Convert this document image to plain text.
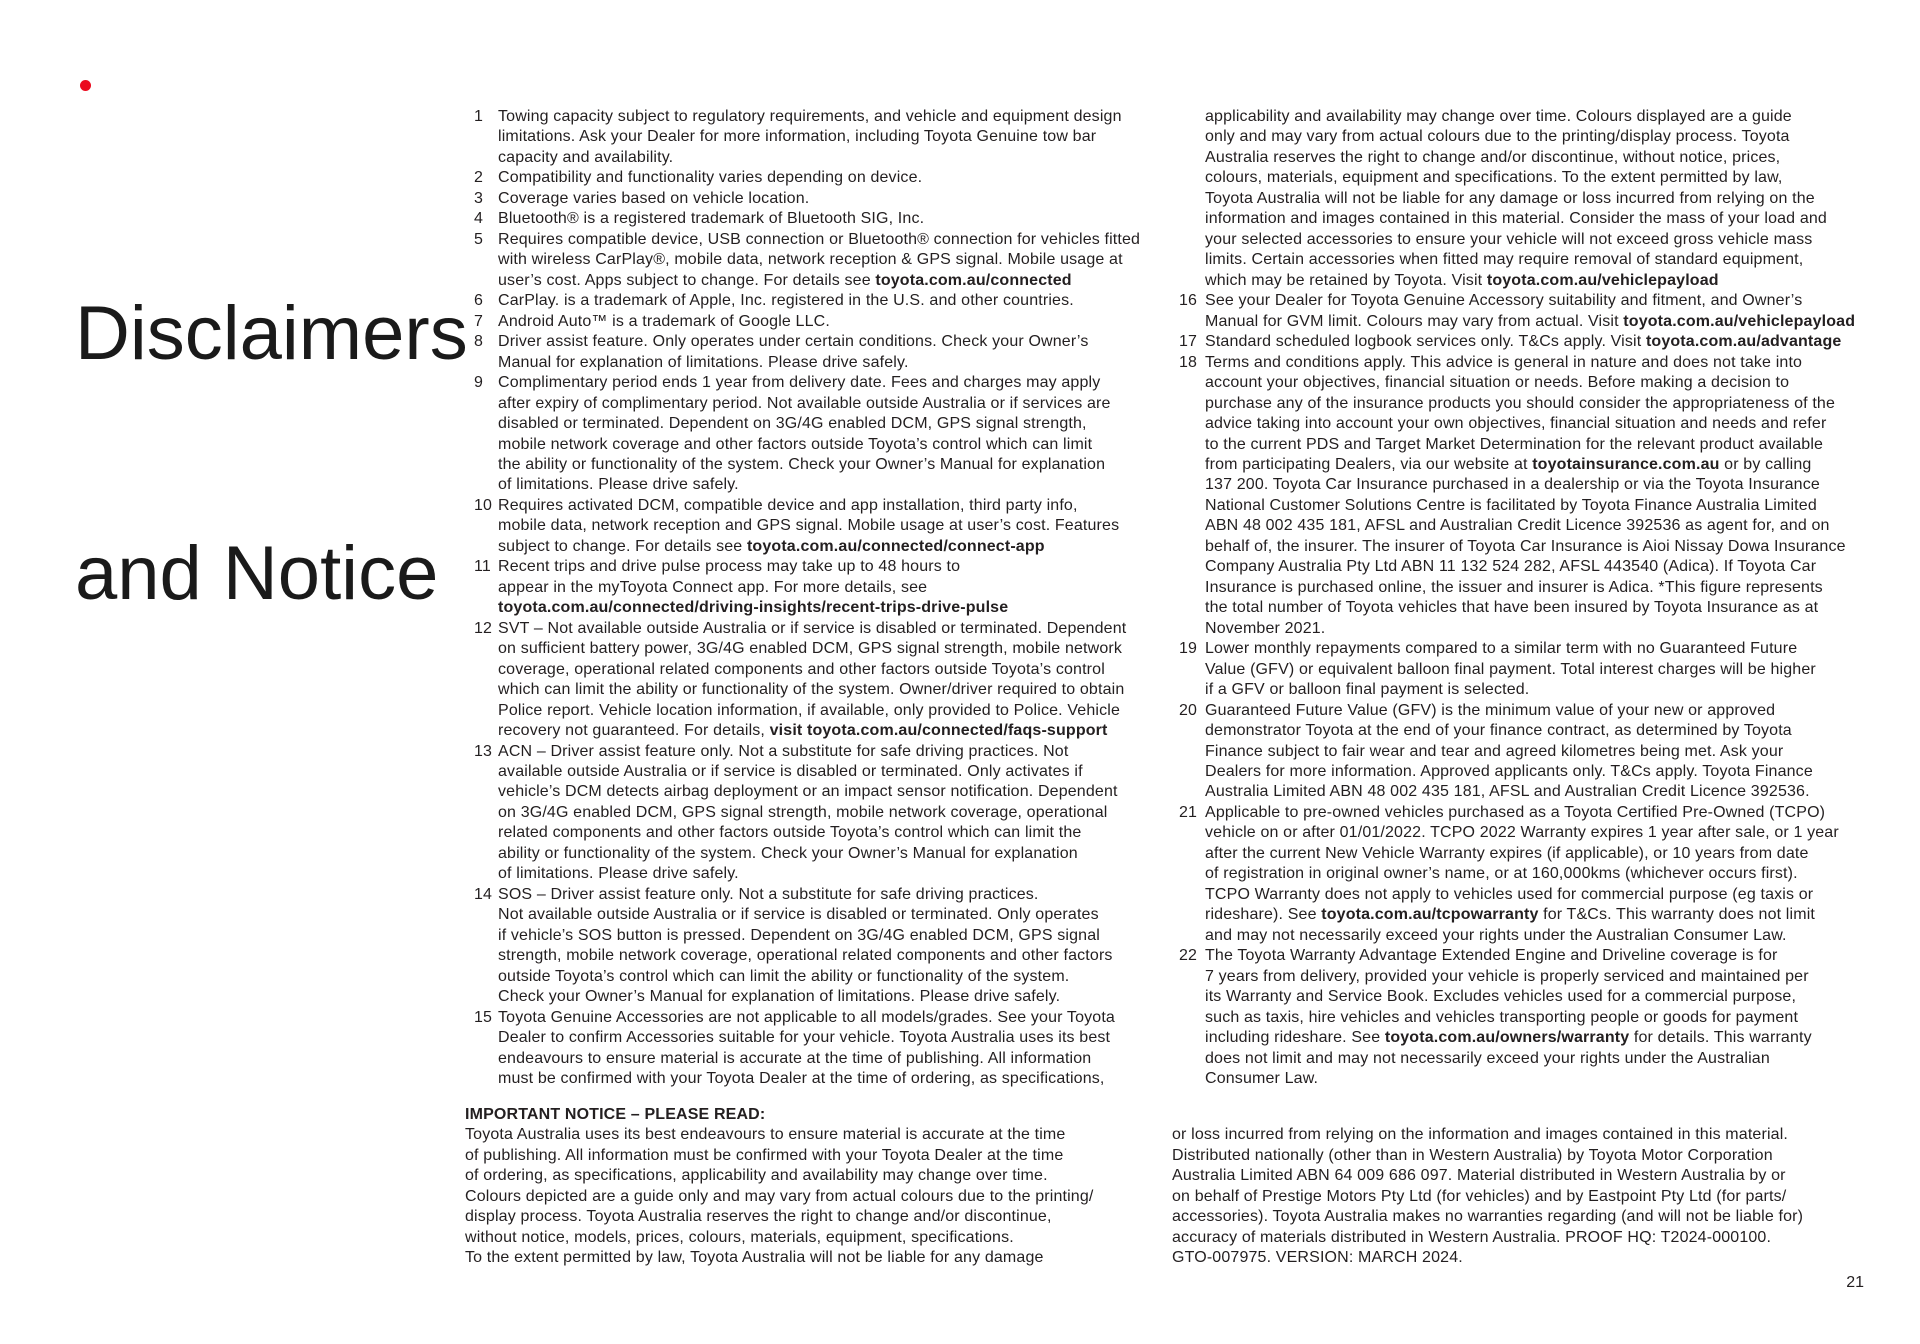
Disclaimers

and Notice

1 Towing capacity subject to regulatory requirements, and vehicle and equipment design
limitations. Ask your Dealer for more information, including Toyota Genuine tow bar
capacity and availability.
2 Compatibility and functionality varies depending on device.
3 Coverage varies based on vehicle location.
4 Bluetooth® is a registered trademark of Bluetooth SIG, Inc.
5 Requires compatible device, USB connection or Bluetooth® connection for vehicles fitted
with wireless CarPlay®, mobile data, network reception & GPS signal. Mobile usage at
user’s cost. Apps subject to change. For details see toyota.com.au/connected
6 CarPlay. is a trademark of Apple, Inc. registered in the U.S. and other countries.
7 Android Auto™ is a trademark of Google LLC.
8 Driver assist feature. Only operates under certain conditions. Check your Owner’s
Manual for explanation of limitations. Please drive safely.
9 Complimentary period ends 1 year from delivery date. Fees and charges may apply
after expiry of complimentary period. Not available outside Australia or if services are
disabled or terminated. Dependent on 3G/4G enabled DCM, GPS signal strength,
mobile network coverage and other factors outside Toyota’s control which can limit
the ability or functionality of the system. Check your Owner’s Manual for explanation
of limitations. Please drive safely.
10 Requires activated DCM, compatible device and app installation, third party info,
mobile data, network reception and GPS signal. Mobile usage at user’s cost. Features
subject to change. For details see toyota.com.au/connected/connect-app
11 Recent trips and drive pulse process may take up to 48 hours to
appear in the myToyota Connect app. For more details, see
toyota.com.au/connected/driving-insights/recent-trips-drive-pulse
12 SVT – Not available outside Australia or if service is disabled or terminated. Dependent
on sufficient battery power, 3G/4G enabled DCM, GPS signal strength, mobile network
coverage, operational related components and other factors outside Toyota’s control
which can limit the ability or functionality of the system. Owner/driver required to obtain
Police report. Vehicle location information, if available, only provided to Police. Vehicle
recovery not guaranteed. For details, visit toyota.com.au/connected/faqs-support
13 ACN – Driver assist feature only. Not a substitute for safe driving practices. Not
available outside Australia or if service is disabled or terminated. Only activates if
vehicle’s DCM detects airbag deployment or an impact sensor notification. Dependent
on 3G/4G enabled DCM, GPS signal strength, mobile network coverage, operational
related components and other factors outside Toyota’s control which can limit the
ability or functionality of the system. Check your Owner’s Manual for explanation
of limitations. Please drive safely.
14 SOS – Driver assist feature only. Not a substitute for safe driving practices.
Not available outside Australia or if service is disabled or terminated. Only operates
if vehicle’s SOS button is pressed. Dependent on 3G/4G enabled DCM, GPS signal
strength, mobile network coverage, operational related components and other factors
outside Toyota’s control which can limit the ability or functionality of the system.
Check your Owner’s Manual for explanation of limitations. Please drive safely.
15 Toyota Genuine Accessories are not applicable to all models/grades. See your Toyota
Dealer to confirm Accessories suitable for your vehicle. Toyota Australia uses its best
endeavours to ensure material is accurate at the time of publishing. All information
must be confirmed with your Toyota Dealer at the time of ordering, as specifications,
applicability and availability may change over time. Colours displayed are a guide
only and may vary from actual colours due to the printing/display process. Toyota
Australia reserves the right to change and/or discontinue, without notice, prices,
colours, materials, equipment and specifications. To the extent permitted by law,
Toyota Australia will not be liable for any damage or loss incurred from relying on the
information and images contained in this material. Consider the mass of your load and
your selected accessories to ensure your vehicle will not exceed gross vehicle mass
limits. Certain accessories when fitted may require removal of standard equipment,
which may be retained by Toyota. Visit toyota.com.au/vehiclepayload
16 See your Dealer for Toyota Genuine Accessory suitability and fitment, and Owner’s
Manual for GVM limit. Colours may vary from actual. Visit toyota.com.au/vehiclepayload
17 Standard scheduled logbook services only. T&Cs apply. Visit toyota.com.au/advantage
18 Terms and conditions apply. This advice is general in nature and does not take into
account your objectives, financial situation or needs. Before making a decision to
purchase any of the insurance products you should consider the appropriateness of the
advice taking into account your own objectives, financial situation and needs and refer
to the current PDS and Target Market Determination for the relevant product available
from participating Dealers, via our website at toyotainsurance.com.au or by calling
137 200. Toyota Car Insurance purchased in a dealership or via the Toyota Insurance
National Customer Solutions Centre is facilitated by Toyota Finance Australia Limited
ABN 48 002 435 181, AFSL and Australian Credit Licence 392536 as agent for, and on
behalf of, the insurer. The insurer of Toyota Car Insurance is Aioi Nissay Dowa Insurance
Company Australia Pty Ltd ABN 11 132 524 282, AFSL 443540 (Adica). If Toyota Car
Insurance is purchased online, the issuer and insurer is Adica. *This figure represents
the total number of Toyota vehicles that have been insured by Toyota Insurance as at
November 2021.
19 Lower monthly repayments compared to a similar term with no Guaranteed Future
Value (GFV) or equivalent balloon final payment. Total interest charges will be higher
if a GFV or balloon final payment is selected.
20 Guaranteed Future Value (GFV) is the minimum value of your new or approved
demonstrator Toyota at the end of your finance contract, as determined by Toyota
Finance subject to fair wear and tear and agreed kilometres being met. Ask your
Dealers for more information. Approved applicants only. T&Cs apply. Toyota Finance
Australia Limited ABN 48 002 435 181, AFSL and Australian Credit Licence 392536.
21 Applicable to pre-owned vehicles purchased as a Toyota Certified Pre-Owned (TCPO)
vehicle on or after 01/01/2022. TCPO 2022 Warranty expires 1 year after sale, or 1 year
after the current New Vehicle Warranty expires (if applicable), or 10 years from date
of registration in original owner’s name, or at 160,000kms (whichever occurs first).
TCPO Warranty does not apply to vehicles used for commercial purpose (eg taxis or
rideshare). See toyota.com.au/tcpowarranty for T&Cs. This warranty does not limit
and may not necessarily exceed your rights under the Australian Consumer Law.
22 The Toyota Warranty Advantage Extended Engine and Driveline coverage is for
7 years from delivery, provided your vehicle is properly serviced and maintained per
its Warranty and Service Book. Excludes vehicles used for a commercial purpose,
such as taxis, hire vehicles and vehicles transporting people or goods for payment
including rideshare. See toyota.com.au/owners/warranty for details. This warranty
does not limit and may not necessarily exceed your rights under the Australian
Consumer Law.
IMPORTANT NOTICE – PLEASE READ:
Toyota Australia uses its best endeavours to ensure material is accurate at the time
of publishing. All information must be confirmed with your Toyota Dealer at the time
of ordering, as specifications, applicability and availability may change over time.
Colours depicted are a guide only and may vary from actual colours due to the printing/
display process. Toyota Australia reserves the right to change and/or discontinue,
without notice, models, prices, colours, materials, equipment, specifications.
To the extent permitted by law, Toyota Australia will not be liable for any damage
or loss incurred from relying on the information and images contained in this material.
Distributed nationally (other than in Western Australia) by Toyota Motor Corporation
Australia Limited ABN 64 009 686 097. Material distributed in Western Australia by or
on behalf of Prestige Motors Pty Ltd (for vehicles) and by Eastpoint Pty Ltd (for parts/
accessories). Toyota Australia makes no warranties regarding (and will not be liable for)
accuracy of materials distributed in Western Australia. PROOF HQ: T2024-000100.
GTO-007975. VERSION: MARCH 2024.
21
